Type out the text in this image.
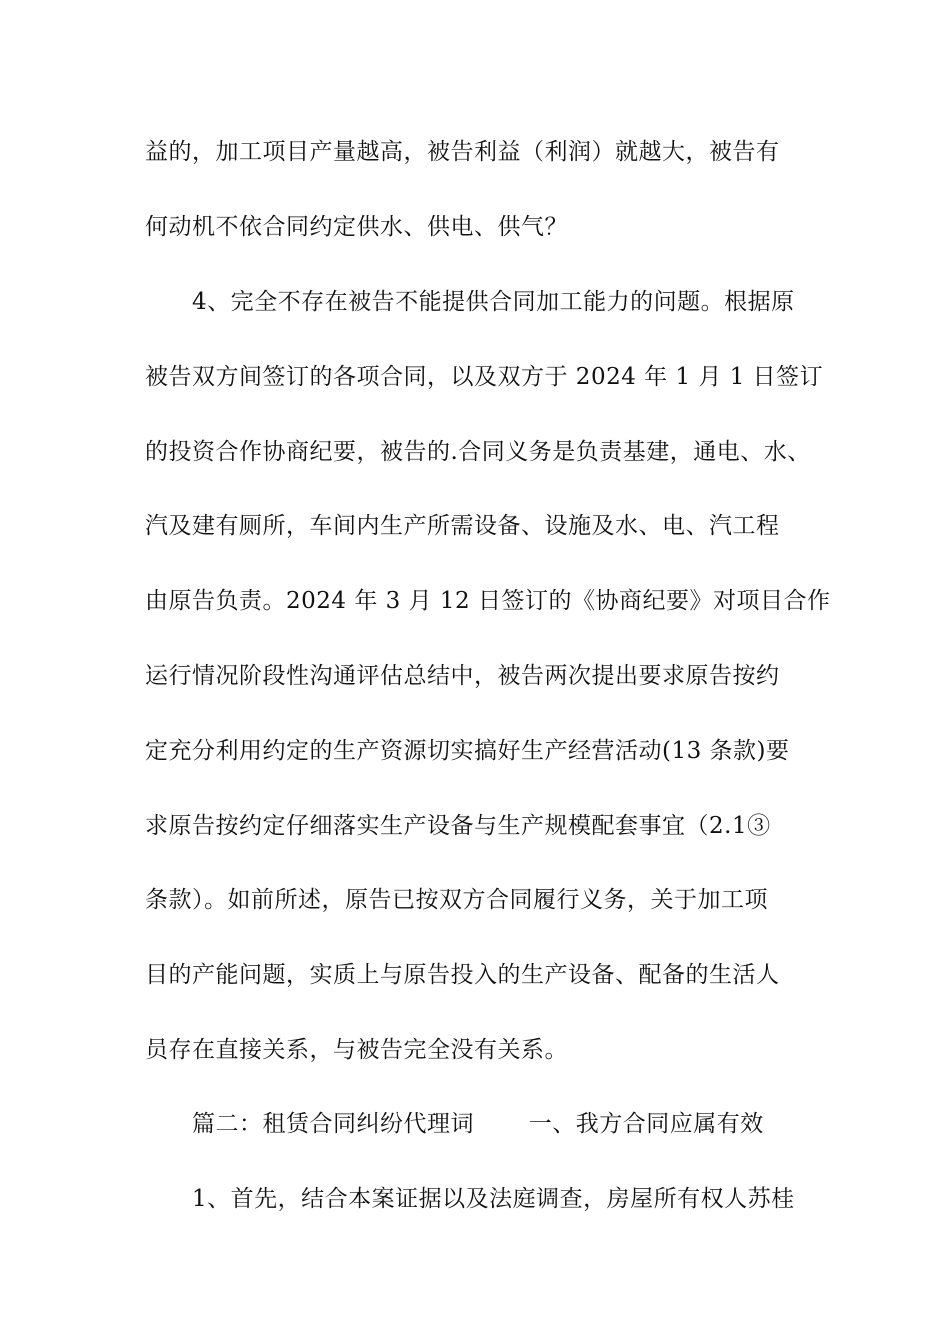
益的，加工项目产量越高，被告利益（利润）就越大，被告有
何动机不依合同约定供水、供电、供气？
4、完全不存在被告不能提供合同加工能力的问题。根据原
被告双方间签订的各项合同，以及双方于 2024 年 1 月 1 日签订
的投资合作协商纪要，被告的.合同义务是负责基建，通电、水、
汽及建有厕所，车间内生产所需设备、设施及水、电、汽工程
由原告负责。2024 年 3 月 12 日签订的《协商纪要》对项目合作
运行情况阶段性沟通评估总结中，被告两次提出要求原告按约
定充分利用约定的生产资源切实搞好生产经营活动(13 条款)要
求原告按约定仔细落实生产设备与生产规模配套事宜（2.1③
条款）。如前所述，原告已按双方合同履行义务，关于加工项
目的产能问题，实质上与原告投入的生产设备、配备的生活人
员存在直接关系，与被告完全没有关系。
篇二：租赁合同纠纷代理词　　 一、我方合同应属有效
1、首先，结合本案证据以及法庭调查，房屋所有权人苏桂
